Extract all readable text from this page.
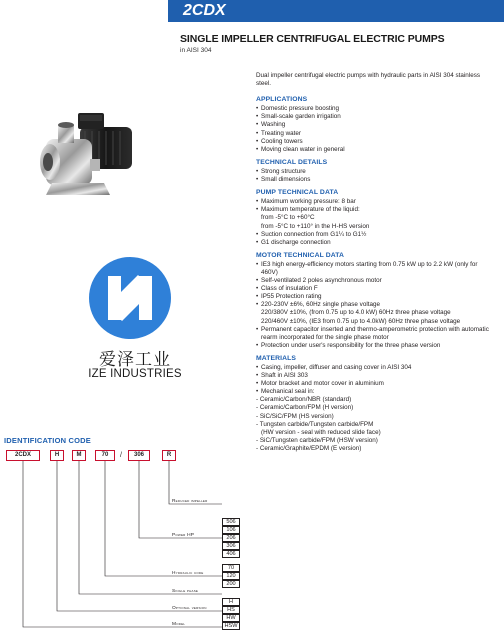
2CDX
SINGLE IMPELLER CENTRIFUGAL ELECTRIC PUMPS
in AISI 304
爱泽工业
IZE INDUSTRIES

Dual impeller centrifugal electric pumps with hydraulic parts in AISI 304 stainless steel.

APPLICATIONS
• Domestic pressure boosting
• Small-scale garden irrigation
• Washing
• Treating water
• Cooling towers
• Moving clean water in general
TECHNICAL DETAILS
• Strong structure
• Small dimensions
PUMP TECHNICAL DATA
• Maximum working pressure: 8 bar
• Maximum temperature of the liquid:
from -5°C to +60°C
from -5°C to +110° in the H-HS version
• Suction connection from G1¼ to G1½
• G1 discharge connection
MOTOR TECHNICAL DATA
• IE3 high energy-efficiency motors starting from 0.75 kW up to 2.2 kW (only for 460V)
• Self-ventilated 2 poles asynchronous motor
• Class of insulation F
• IP55 Protection rating
• 220-230V ±6%, 60Hz single phase voltage
220/380V ±10%, (from 0.75 up to 4.0 kW) 60Hz three phase voltage
220/460V ±10%, (IE3 from 0.75 up to 4.0kW) 60Hz three phase voltage
• Permanent capacitor inserted and thermo-amperometric protection with automatic rearm incorporated for the single phase motor
• Protection under user's responsibility for the three phase version
MATERIALS
• Casing, impeller, diffuser and casing cover in AISI 304
• Shaft in AISI 303
• Motor bracket and motor cover in aluminium
• Mechanical seal in:
- Ceramic/Carbon/NBR (standard)
- Ceramic/Carbon/FPM (H version)
- SiC/SiC/FPM (HS version)
- Tungsten carbide/Tungsten carbide/FPM
(HW version - seal with reduced slide face)
- SiC/Tungsten carbide/FPM (HSW version)
- Ceramic/Graphite/EPDM (E version)
IDENTIFICATION CODE
2CDX	H	M	70	/	306	R
Reduced impeller
Power HP
Hydraulic code
Single phase
Optional version
Model
506
106
206
306
406
70
120
200
H
HS
HW
HSW
